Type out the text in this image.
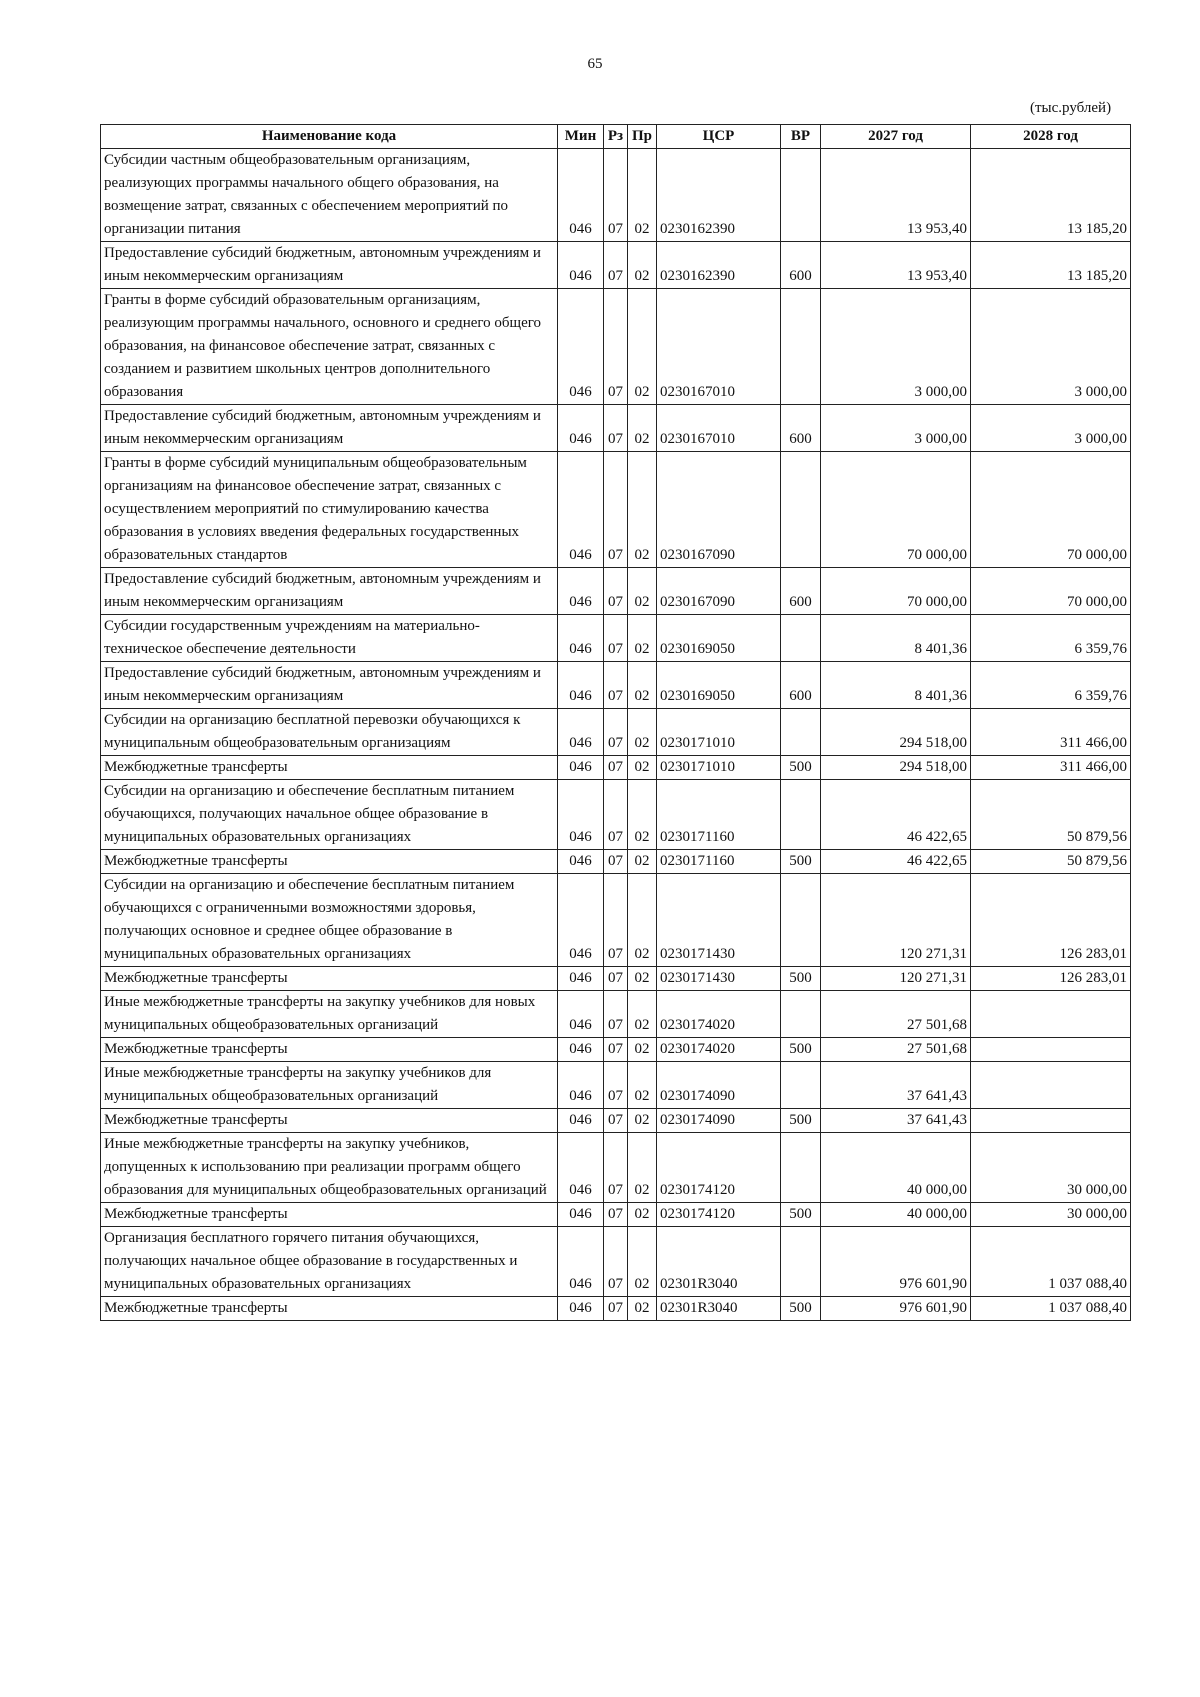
65
(тыс.рублей)
Наименование кода	Мин	Рз	Пр	ЦСР	ВР	2027 год	2028 год
Субсидии частным общеобразовательным организациям, реализующих программы начального общего образования, на возмещение затрат, связанных с обеспечением мероприятий по организации питания	046	07	02	0230162390		13 953,40	13 185,20
Предоставление субсидий бюджетным, автономным учреждениям и иным некоммерческим организациям	046	07	02	0230162390	600	13 953,40	13 185,20
Гранты в форме субсидий образовательным организациям, реализующим программы начального, основного и среднего общего образования, на финансовое обеспечение затрат, связанных с созданием и развитием школьных центров дополнительного образования	046	07	02	0230167010		3 000,00	3 000,00
Предоставление субсидий бюджетным, автономным учреждениям и иным некоммерческим организациям	046	07	02	0230167010	600	3 000,00	3 000,00
Гранты в форме субсидий муниципальным общеобразовательным организациям на финансовое обеспечение затрат, связанных с осуществлением мероприятий по стимулированию качества образования в условиях введения федеральных государственных образовательных стандартов	046	07	02	0230167090		70 000,00	70 000,00
Предоставление субсидий бюджетным, автономным учреждениям и иным некоммерческим организациям	046	07	02	0230167090	600	70 000,00	70 000,00
Субсидии государственным учреждениям на материально-техническое обеспечение деятельности	046	07	02	0230169050		8 401,36	6 359,76
Предоставление субсидий бюджетным, автономным учреждениям и иным некоммерческим организациям	046	07	02	0230169050	600	8 401,36	6 359,76
Субсидии на организацию бесплатной перевозки обучающихся к муниципальным общеобразовательным организациям	046	07	02	0230171010		294 518,00	311 466,00
Межбюджетные трансферты	046	07	02	0230171010	500	294 518,00	311 466,00
Субсидии на организацию и обеспечение бесплатным питанием обучающихся, получающих начальное общее образование в муниципальных образовательных организациях	046	07	02	0230171160		46 422,65	50 879,56
Межбюджетные трансферты	046	07	02	0230171160	500	46 422,65	50 879,56
Субсидии на организацию и обеспечение бесплатным питанием обучающихся с ограниченными возможностями здоровья, получающих основное и среднее общее образование в муниципальных образовательных организациях	046	07	02	0230171430		120 271,31	126 283,01
Межбюджетные трансферты	046	07	02	0230171430	500	120 271,31	126 283,01
Иные межбюджетные трансферты на закупку учебников для новых муниципальных общеобразовательных организаций	046	07	02	0230174020		27 501,68	
Межбюджетные трансферты	046	07	02	0230174020	500	27 501,68	
Иные межбюджетные трансферты на закупку учебников для муниципальных общеобразовательных организаций	046	07	02	0230174090		37 641,43	
Межбюджетные трансферты	046	07	02	0230174090	500	37 641,43	
Иные межбюджетные трансферты на закупку учебников, допущенных к использованию при реализации программ общего образования для муниципальных общеобразовательных организаций	046	07	02	0230174120		40 000,00	30 000,00
Межбюджетные трансферты	046	07	02	0230174120	500	40 000,00	30 000,00
Организация бесплатного горячего питания обучающихся, получающих начальное общее образование в государственных и муниципальных образовательных организациях	046	07	02	02301R3040		976 601,90	1 037 088,40
Межбюджетные трансферты	046	07	02	02301R3040	500	976 601,90	1 037 088,40
